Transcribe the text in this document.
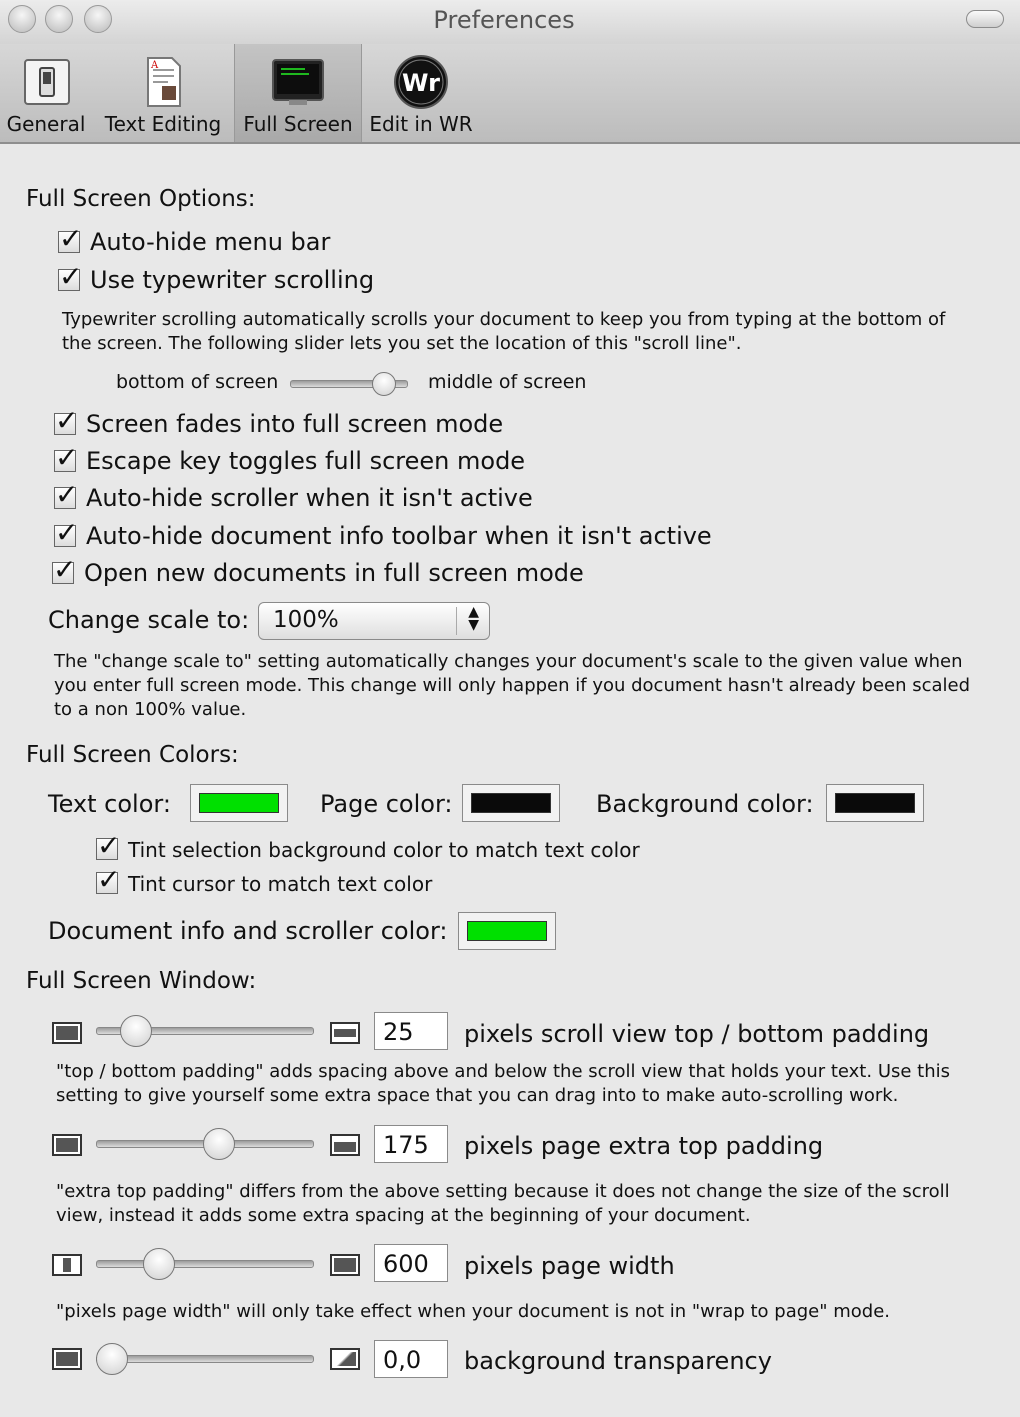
Preferences
General
A
Text Editing	Full Screen
Wr
Edit in WR
Full Screen Options:
✓Auto-hide menu bar
✓Use typewriter scrolling
Typewriter scrolling automatically scrolls your document to keep you from typing at the bottom of
the screen. The following slider lets you set the location of this "scroll line".
bottom of screen	middle of screen
✓Screen fades into full screen mode
✓Escape key toggles full screen mode
✓Auto-hide scroller when it isn't active
✓Auto-hide document info toolbar when it isn't active
✓Open new documents in full screen mode
Change scale to: 100%	▲
▼
The "change scale to" setting automatically changes your document's scale to the given value when
you enter full screen mode. This change will only happen if you document hasn't already been scaled
to a non 100% value.
Full Screen Colors:
Text color:	Page color:	Background color:
✓Tint selection background color to match text color
✓Tint cursor to match text color
Document info and scroller color:
Full Screen Window:
25	pixels scroll view top / bottom padding
"top / bottom padding" adds spacing above and below the scroll view that holds your text. Use this
setting to give yourself some extra space that you can drag into to make auto-scrolling work.
175	pixels page extra top padding
"extra top padding" differs from the above setting because it does not change the size of the scroll
view, instead it adds some extra spacing at the beginning of your document.
600	pixels page width
"pixels page width" will only take effect when your document is not in "wrap to page" mode.
0,0	background transparency
